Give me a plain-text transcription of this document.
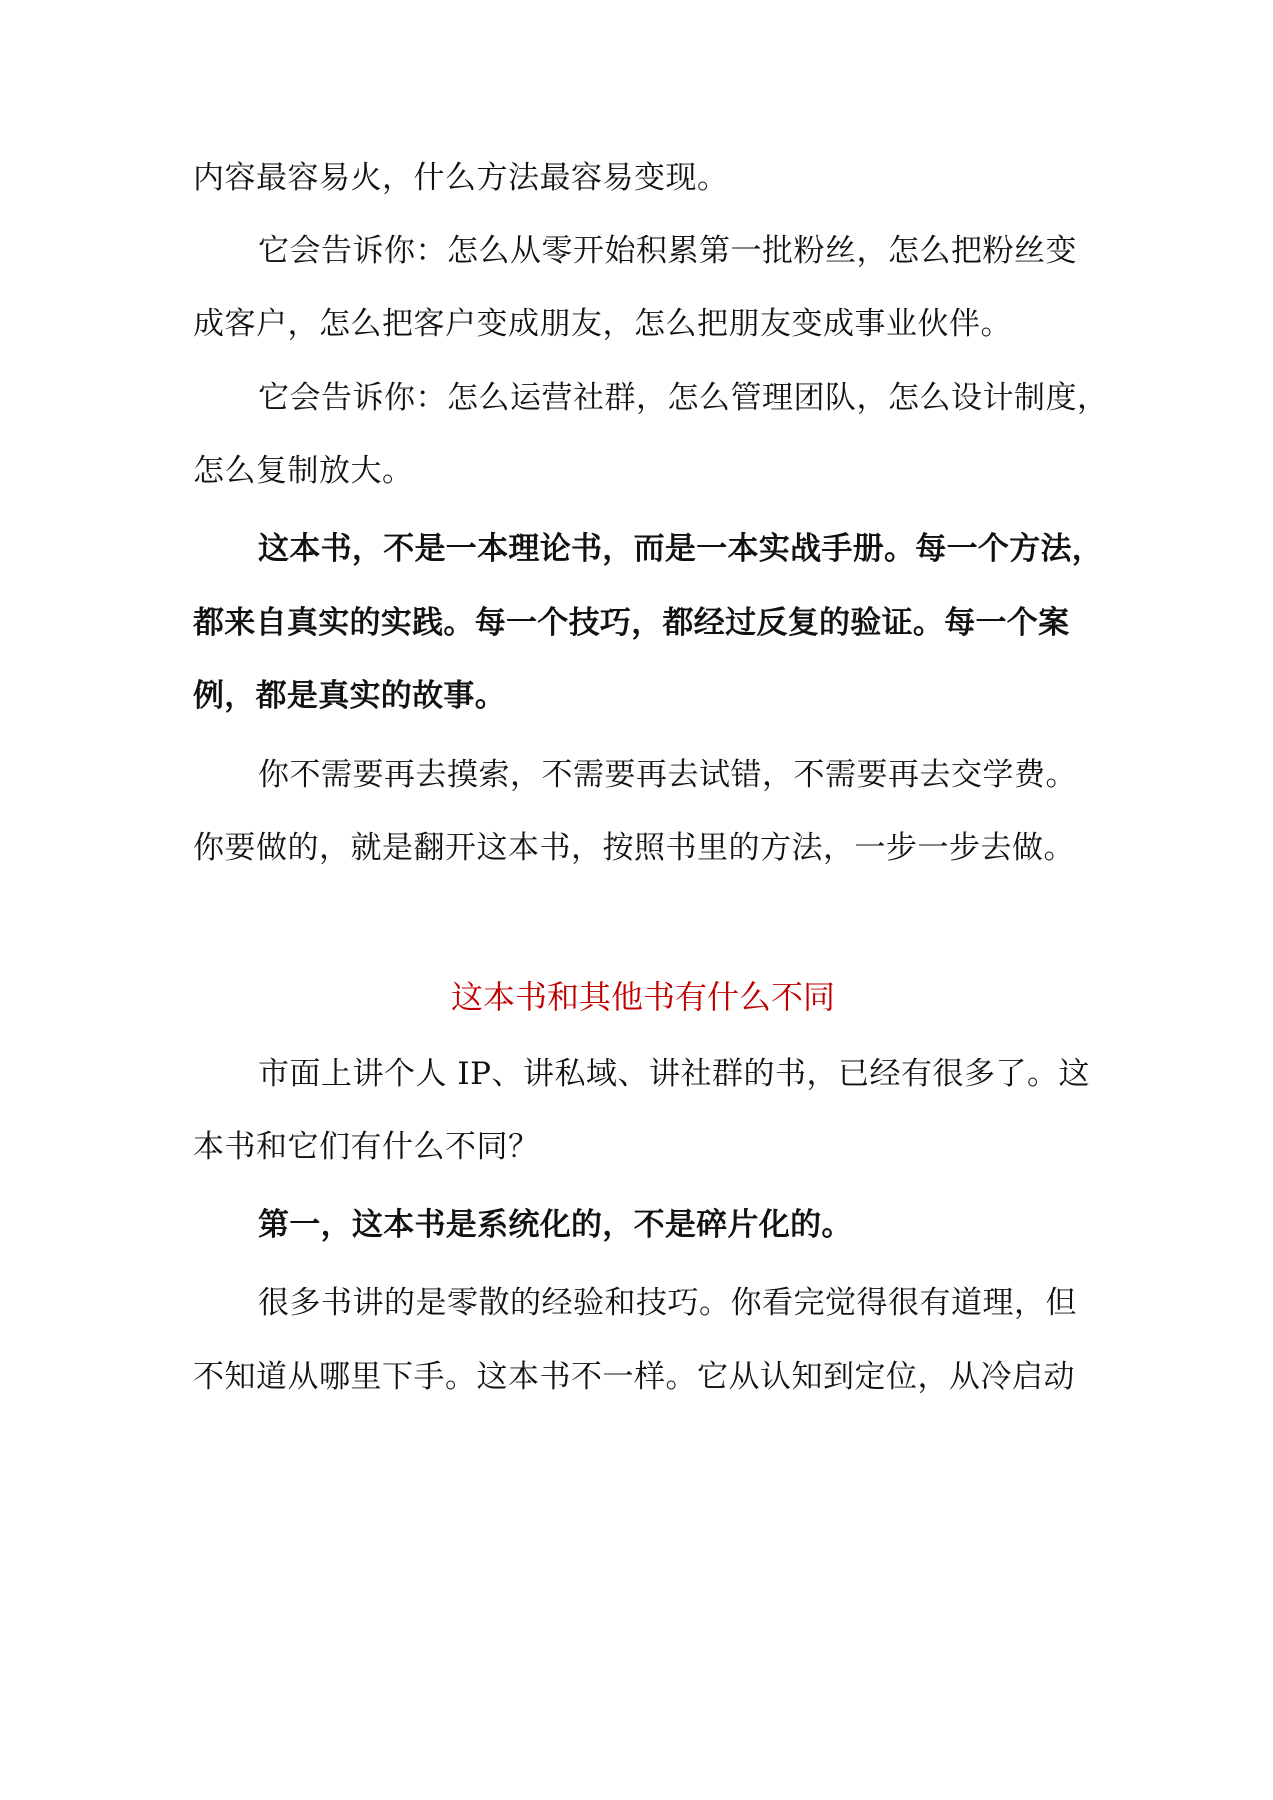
内容最容易火，什么方法最容易变现。
它会告诉你：怎么从零开始积累第一批粉丝，怎么把粉丝变
成客户，怎么把客户变成朋友，怎么把朋友变成事业伙伴。
它会告诉你：怎么运营社群，怎么管理团队，怎么设计制度，
怎么复制放大。
这本书，不是一本理论书，而是一本实战手册。每一个方法，
都来自真实的实践。每一个技巧，都经过反复的验证。每一个案
例，都是真实的故事。
你不需要再去摸索，不需要再去试错，不需要再去交学费。
你要做的，就是翻开这本书，按照书里的方法，一步一步去做。
这本书和其他书有什么不同
市面上讲个人 IP、讲私域、讲社群的书，已经有很多了。这
本书和它们有什么不同？
第一，这本书是系统化的，不是碎片化的。
很多书讲的是零散的经验和技巧。你看完觉得很有道理，但
不知道从哪里下手。这本书不一样。它从认知到定位，从冷启动
